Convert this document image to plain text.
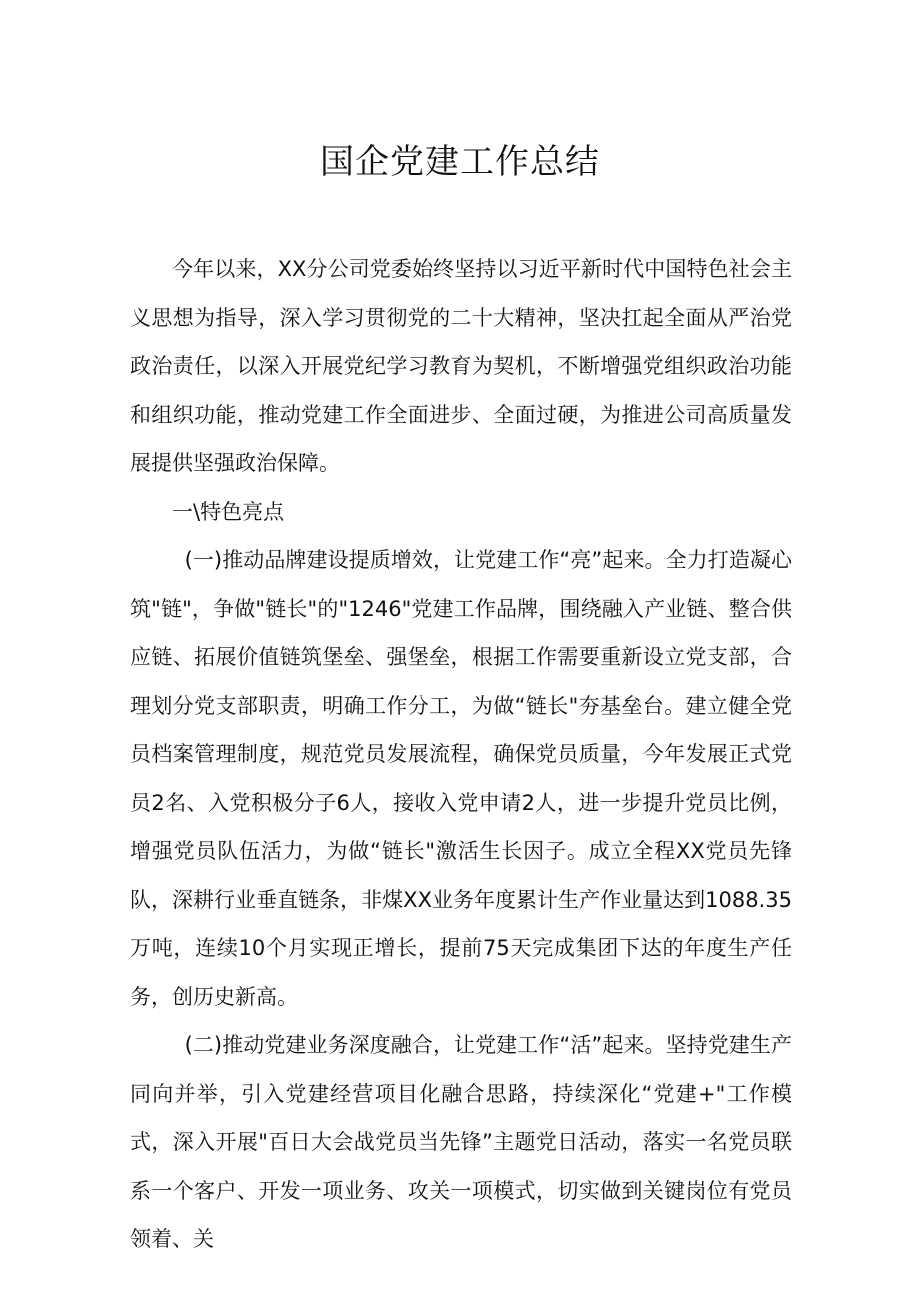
国企党建工作总结

今年以来，XX分公司党委始终坚持以习近平新时代中国特色社会主义思想为指导，深入学习贯彻党的二十大精神，坚决扛起全面从严治党政治责任，以深入开展党纪学习教育为契机，不断增强党组织政治功能和组织功能，推动党建工作全面进步、全面过硬，为推进公司高质量发展提供坚强政治保障。

一\特色亮点

(一)推动品牌建设提质增效，让党建工作“亮”起来。全力打造凝心筑"链"，争做"链长"的"1246"党建工作品牌，围绕融入产业链、整合供应链、拓展价值链筑堡垒、强堡垒，根据工作需要重新设立党支部，合理划分党支部职责，明确工作分工，为做“链长"夯基垒台。建立健全党员档案管理制度，规范党员发展流程，确保党员质量，今年发展正式党员2名、入党积极分子6人，接收入党申请2人，进一步提升党员比例，增强党员队伍活力，为做“链长"激活生长因子。成立全程XX党员先锋队，深耕行业垂直链条，非煤XX业务年度累计生产作业量达到1088.35万吨，连续10个月实现正增长，提前75天完成集团下达的年度生产任务，创历史新高。

(二)推动党建业务深度融合，让党建工作“活”起来。坚持党建生产同向并举，引入党建经营项目化融合思路，持续深化“党建+"工作模式，深入开展"百日大会战党员当先锋”主题党日活动，落实一名党员联系一个客户、开发一项业务、攻关一项模式，切实做到关键岗位有党员领着、关
